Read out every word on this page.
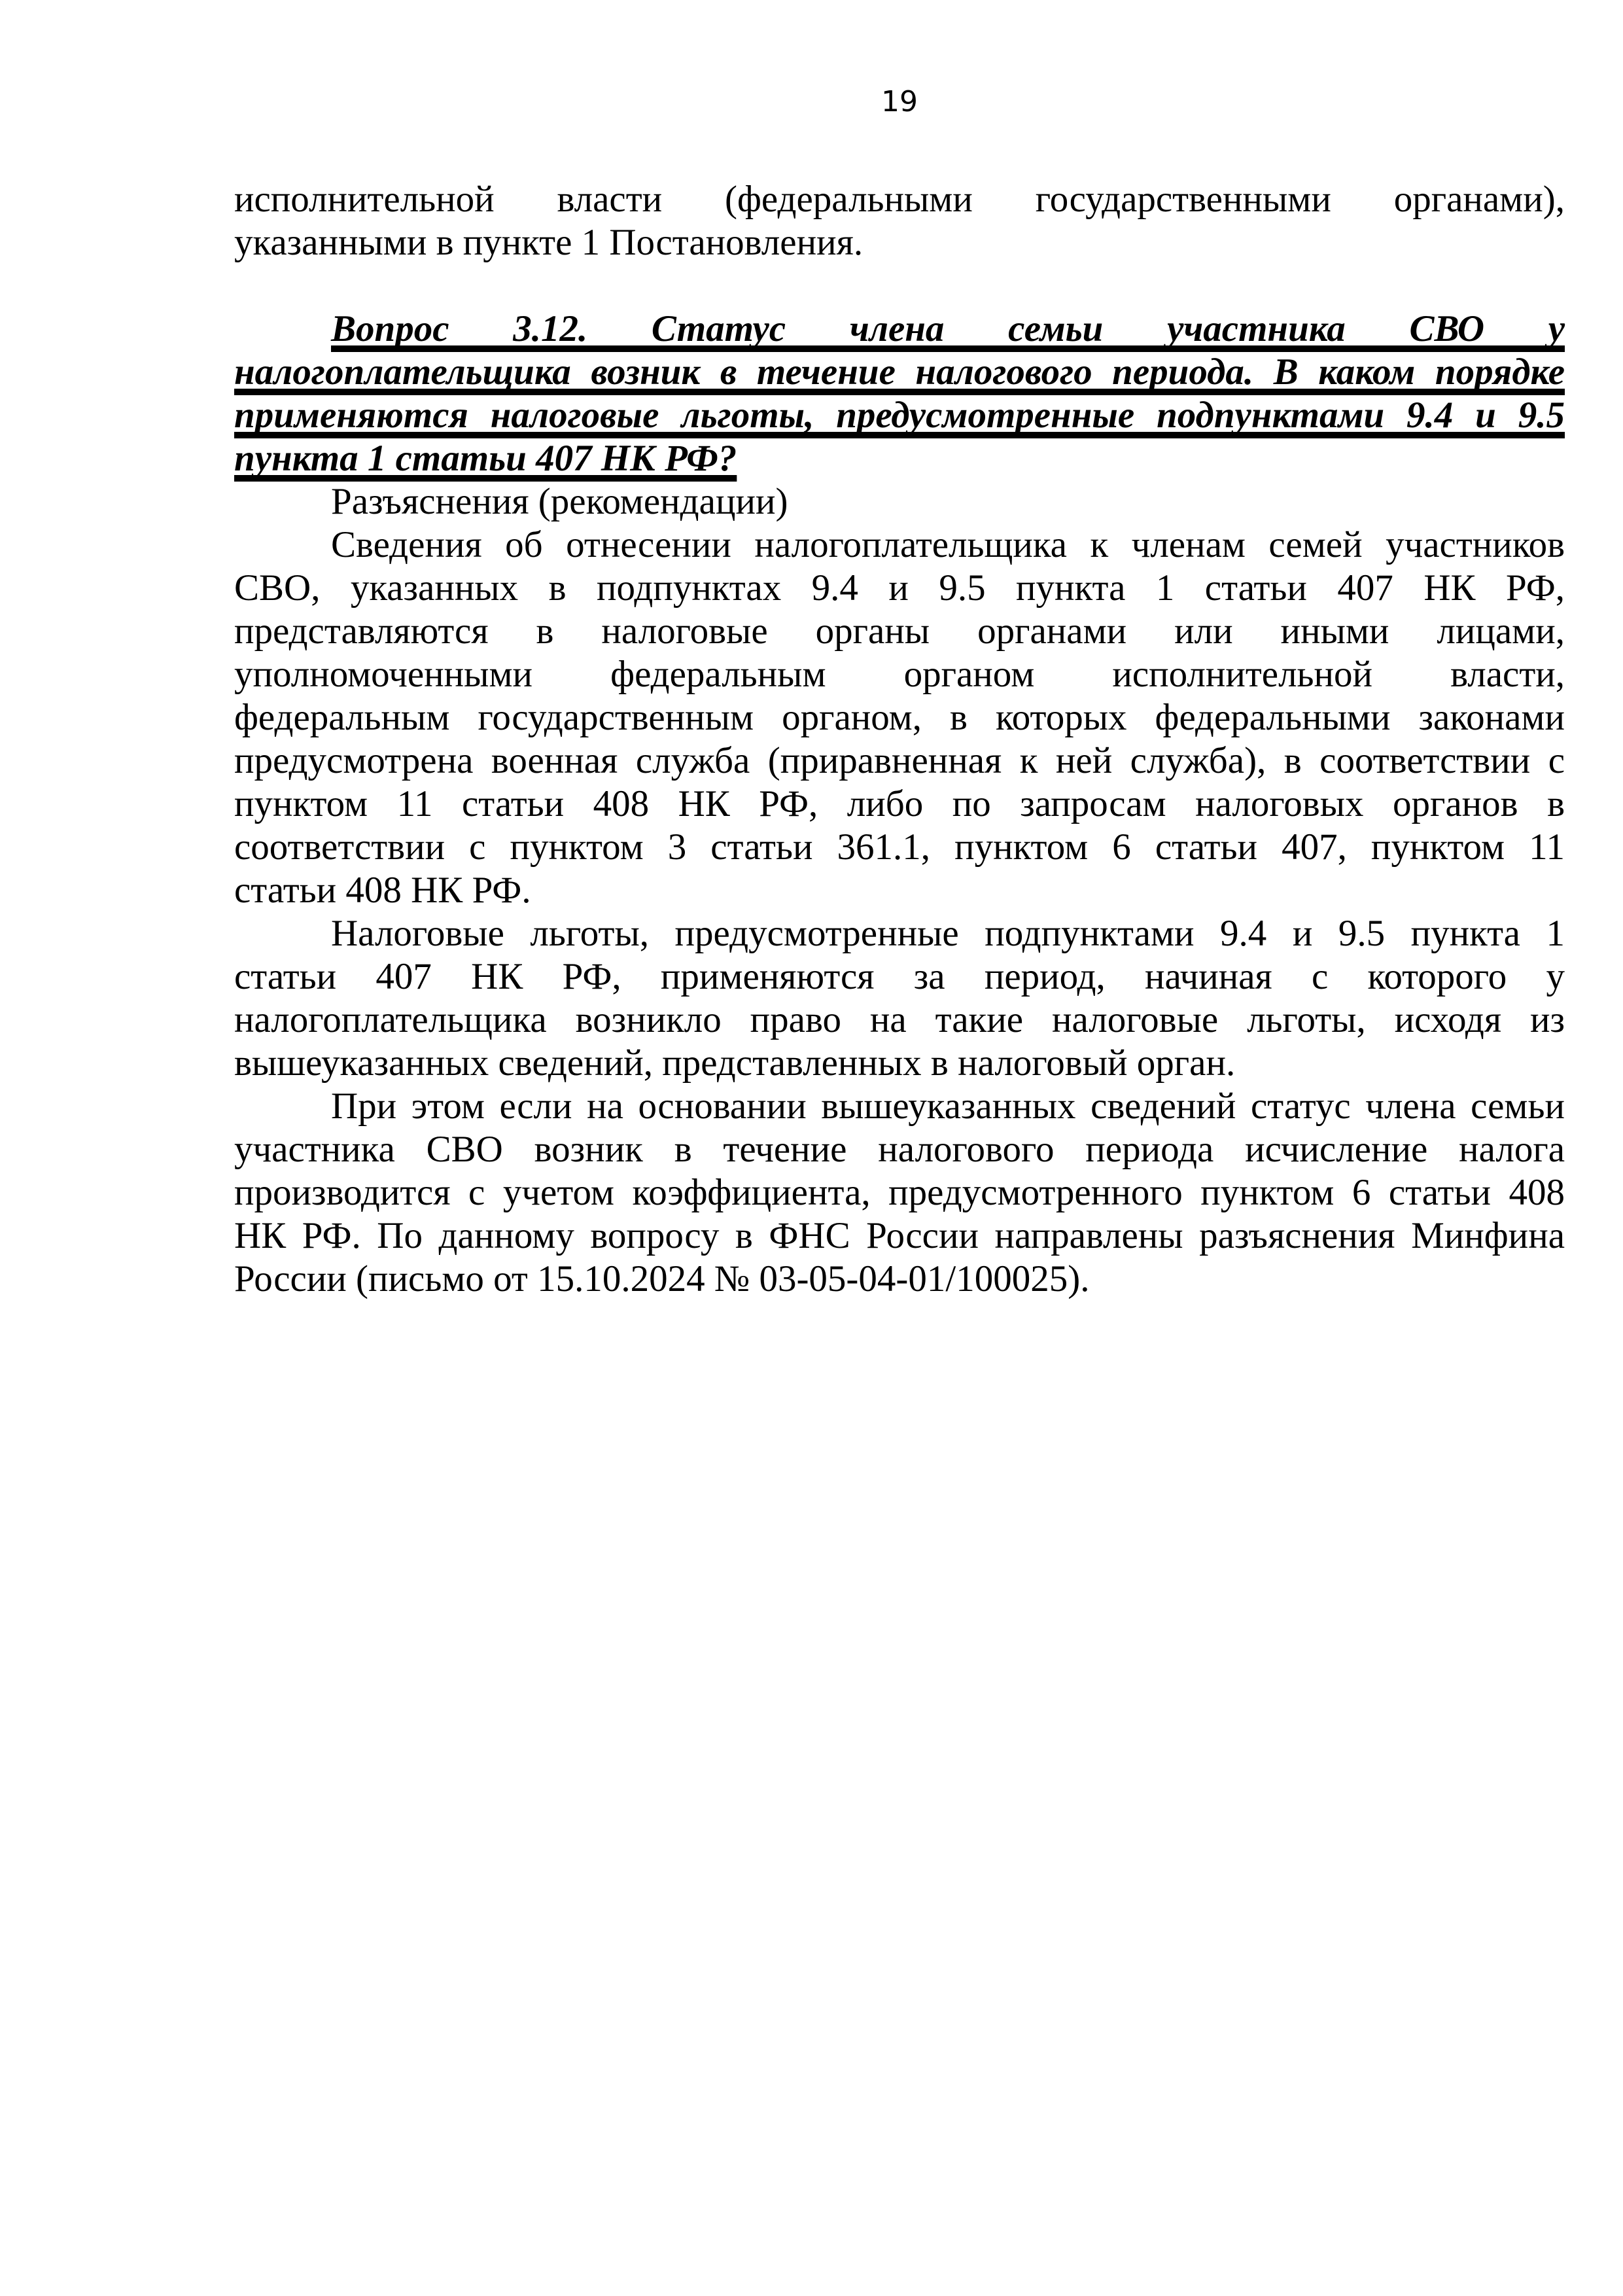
19
исполнительной власти (федеральными государственными органами),
указанными в пункте 1 Постановления.
Вопрос 3.12. Статус члена семьи участника СВО у
налогоплательщика возник в течение налогового периода. В каком порядке
применяются налоговые льготы, предусмотренные подпунктами 9.4 и 9.5
пункта 1 статьи 407 НК РФ?
Разъяснения (рекомендации)
Сведения об отнесении налогоплательщика к членам семей участников
СВО, указанных в подпунктах 9.4 и 9.5 пункта 1 статьи 407 НК РФ,
представляются в налоговые органы органами или иными лицами,
уполномоченными федеральным органом исполнительной власти,
федеральным государственным органом, в которых федеральными законами
предусмотрена военная служба (приравненная к ней служба), в соответствии с
пунктом 11 статьи 408 НК РФ, либо по запросам налоговых органов в
соответствии с пунктом 3 статьи 361.1, пунктом 6 статьи 407, пунктом 11
статьи 408 НК РФ.
Налоговые льготы, предусмотренные подпунктами 9.4 и 9.5 пункта 1
статьи 407 НК РФ, применяются за период, начиная с которого у
налогоплательщика возникло право на такие налоговые льготы, исходя из
вышеуказанных сведений, представленных в налоговый орган.
При этом если на основании вышеуказанных сведений статус члена семьи
участника СВО возник в течение налогового периода исчисление налога
производится с учетом коэффициента, предусмотренного пунктом 6 статьи 408
НК РФ. По данному вопросу в ФНС России направлены разъяснения Минфина
России (письмо от 15.10.2024 № 03-05-04-01/100025).
